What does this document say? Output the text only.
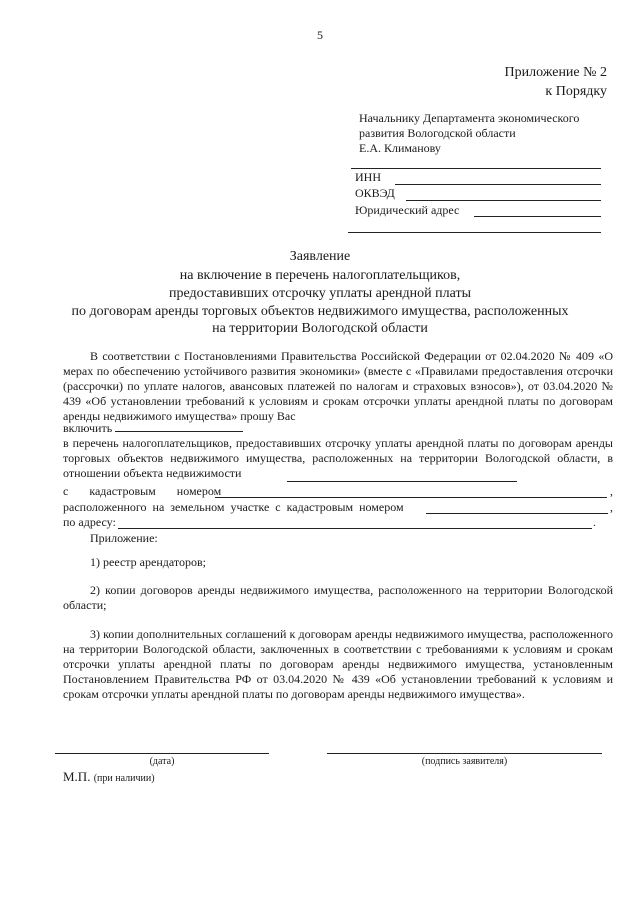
5
Приложение № 2
к Порядку
Начальнику Департамента экономического
развития Вологодской области
Е.А. Климанову
ИНН
ОКВЭД
Юридический адрес
Заявление
на включение в перечень налогоплательщиков,
предоставивших отсрочку уплаты арендной платы
по договорам аренды торговых объектов недвижимого имущества, расположенных
на территории Вологодской области
В соответствии с Постановлениями Правительства Российской Федерации от 02.04.2020 № 409 «О мерах по обеспечению устойчивого развития экономики» (вместе с «Правилами предоставления отсрочки (рассрочки) по уплате налогов, авансовых платежей по налогам и страховых взносов»), от 03.04.2020 № 439 «Об установлении требований к условиям и срокам отсрочки уплаты арендной платы по договорам аренды недвижимого имущества» прошу Вас
включить
в перечень налогоплательщиков, предоставивших отсрочку уплаты арендной платы по договорам аренды торговых объектов недвижимого имущества, расположенных на территории Вологодской области, в отношении объекта недвижимости
с кадастровым номером	,
расположенного на земельном участке с кадастровым номером	,
по адресу:	.
Приложение:
1) реестр арендаторов;
2) копии договоров аренды недвижимого имущества, расположенного на территории Вологодской области;
3) копии дополнительных соглашений к договорам аренды недвижимого имущества, расположенного на территории Вологодской области, заключенных в соответствии с требованиями к условиям и срокам отсрочки уплаты арендной платы по договорам аренды недвижимого имущества, установленным Постановлением Правительства РФ от 03.04.2020 № 439 «Об установлении требований к условиям и срокам отсрочки уплаты арендной платы по договорам аренды недвижимого имущества».
(дата)	(подпись заявителя)
М.П. (при наличии)
